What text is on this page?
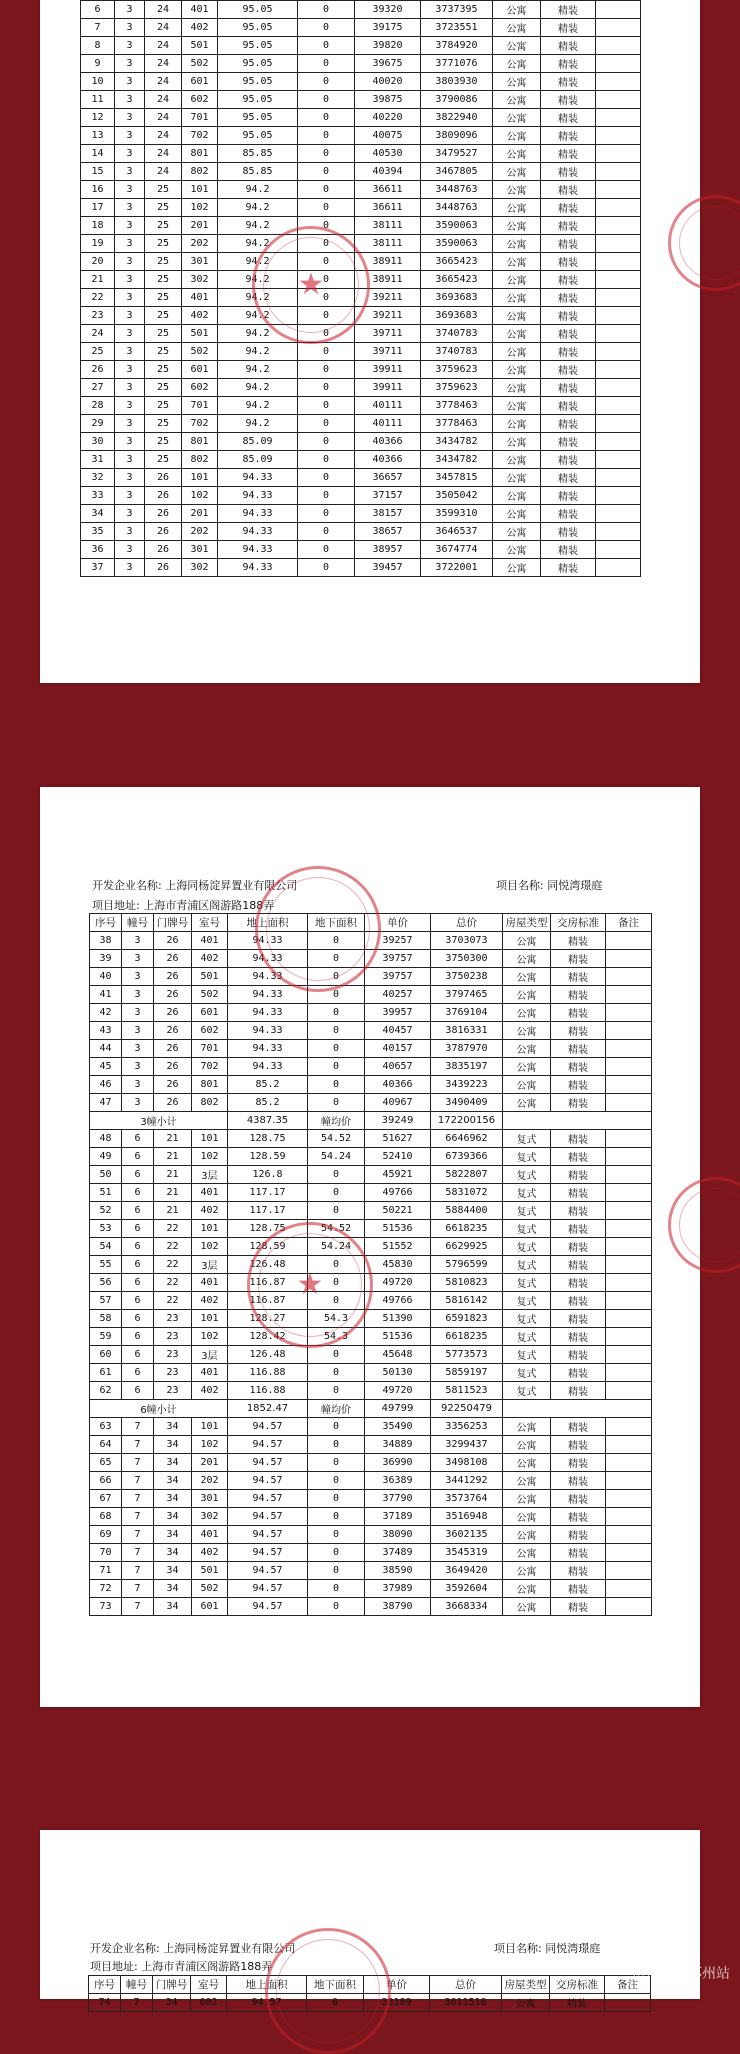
6	3	24	401	95.05	0	39320	3737395	公寓	精装	
7	3	24	402	95.05	0	39175	3723551	公寓	精装	
8	3	24	501	95.05	0	39820	3784920	公寓	精装	
9	3	24	502	95.05	0	39675	3771076	公寓	精装	
10	3	24	601	95.05	0	40020	3803930	公寓	精装	
11	3	24	602	95.05	0	39875	3790086	公寓	精装	
12	3	24	701	95.05	0	40220	3822940	公寓	精装	
13	3	24	702	95.05	0	40075	3809096	公寓	精装	
14	3	24	801	85.85	0	40530	3479527	公寓	精装	
15	3	24	802	85.85	0	40394	3467805	公寓	精装	
16	3	25	101	94.2	0	36611	3448763	公寓	精装	
17	3	25	102	94.2	0	36611	3448763	公寓	精装	
18	3	25	201	94.2	0	38111	3590063	公寓	精装	
19	3	25	202	94.2	0	38111	3590063	公寓	精装	
20	3	25	301	94.2	0	38911	3665423	公寓	精装	
21	3	25	302	94.2	0	38911	3665423	公寓	精装	
22	3	25	401	94.2	0	39211	3693683	公寓	精装	
23	3	25	402	94.2	0	39211	3693683	公寓	精装	
24	3	25	501	94.2	0	39711	3740783	公寓	精装	
25	3	25	502	94.2	0	39711	3740783	公寓	精装	
26	3	25	601	94.2	0	39911	3759623	公寓	精装	
27	3	25	602	94.2	0	39911	3759623	公寓	精装	
28	3	25	701	94.2	0	40111	3778463	公寓	精装	
29	3	25	702	94.2	0	40111	3778463	公寓	精装	
30	3	25	801	85.09	0	40366	3434782	公寓	精装	
31	3	25	802	85.09	0	40366	3434782	公寓	精装	
32	3	26	101	94.33	0	36657	3457815	公寓	精装	
33	3	26	102	94.33	0	37157	3505042	公寓	精装	
34	3	26	201	94.33	0	38157	3599310	公寓	精装	
35	3	26	202	94.33	0	38657	3646537	公寓	精装	
36	3	26	301	94.33	0	38957	3674774	公寓	精装	
37	3	26	302	94.33	0	39457	3722001	公寓	精装	
★
开发企业名称: 上海同杨淀昇置业有限公司	项目名称: 同悦湾璟庭
项目地址: 上海市青浦区阁游路188弄
序号	幢号	门牌号	室号	地上面积	地下面积	单价	总价	房屋类型	交房标准	备注
38	3	26	401	94.33	0	39257	3703073	公寓	精装	
39	3	26	402	94.33	0	39757	3750300	公寓	精装	
40	3	26	501	94.33	0	39757	3750238	公寓	精装	
41	3	26	502	94.33	0	40257	3797465	公寓	精装	
42	3	26	601	94.33	0	39957	3769104	公寓	精装	
43	3	26	602	94.33	0	40457	3816331	公寓	精装	
44	3	26	701	94.33	0	40157	3787970	公寓	精装	
45	3	26	702	94.33	0	40657	3835197	公寓	精装	
46	3	26	801	85.2	0	40366	3439223	公寓	精装	
47	3	26	802	85.2	0	40967	3490409	公寓	精装	
3幢小计				4387.35	幢均价	39249	172200156			
48	6	21	101	128.75	54.52	51627	6646962	复式	精装	
49	6	21	102	128.59	54.24	52410	6739366	复式	精装	
50	6	21	3层	126.8	0	45921	5822807	复式	精装	
51	6	21	401	117.17	0	49766	5831072	复式	精装	
52	6	21	402	117.17	0	50221	5884400	复式	精装	
53	6	22	101	128.75	54.52	51536	6618235	复式	精装	
54	6	22	102	128.59	54.24	51552	6629925	复式	精装	
55	6	22	3层	126.48	0	45830	5796599	复式	精装	
56	6	22	401	116.87	0	49720	5810823	复式	精装	
57	6	22	402	116.87	0	49766	5816142	复式	精装	
58	6	23	101	128.27	54.3	51390	6591823	复式	精装	
59	6	23	102	128.42	54.3	51536	6618235	复式	精装	
60	6	23	3层	126.48	0	45648	5773573	复式	精装	
61	6	23	401	116.88	0	50130	5859197	复式	精装	
62	6	23	402	116.88	0	49720	5811523	复式	精装	
6幢小计				1852.47	幢均价	49799	92250479			
63	7	34	101	94.57	0	35490	3356253	公寓	精装	
64	7	34	102	94.57	0	34889	3299437	公寓	精装	
65	7	34	201	94.57	0	36990	3498108	公寓	精装	
66	7	34	202	94.57	0	36389	3441292	公寓	精装	
67	7	34	301	94.57	0	37790	3573764	公寓	精装	
68	7	34	302	94.57	0	37189	3516948	公寓	精装	
69	7	34	401	94.57	0	38090	3602135	公寓	精装	
70	7	34	402	94.57	0	37489	3545319	公寓	精装	
71	7	34	501	94.57	0	38590	3649420	公寓	精装	
72	7	34	502	94.57	0	37989	3592604	公寓	精装	
73	7	34	601	94.57	0	38790	3668334	公寓	精装	
★
开发企业名称: 上海同杨淀昇置业有限公司	项目名称: 同悦湾璟庭
项目地址: 上海市青浦区阁游路188弄
序号	幢号	门牌号	室号	地上面积	地下面积	单价	总价	房屋类型	交房标准	备注
74	7	34	602	94.57	0	38189	3611518	公寓	精装	
房产焦点苏州站
